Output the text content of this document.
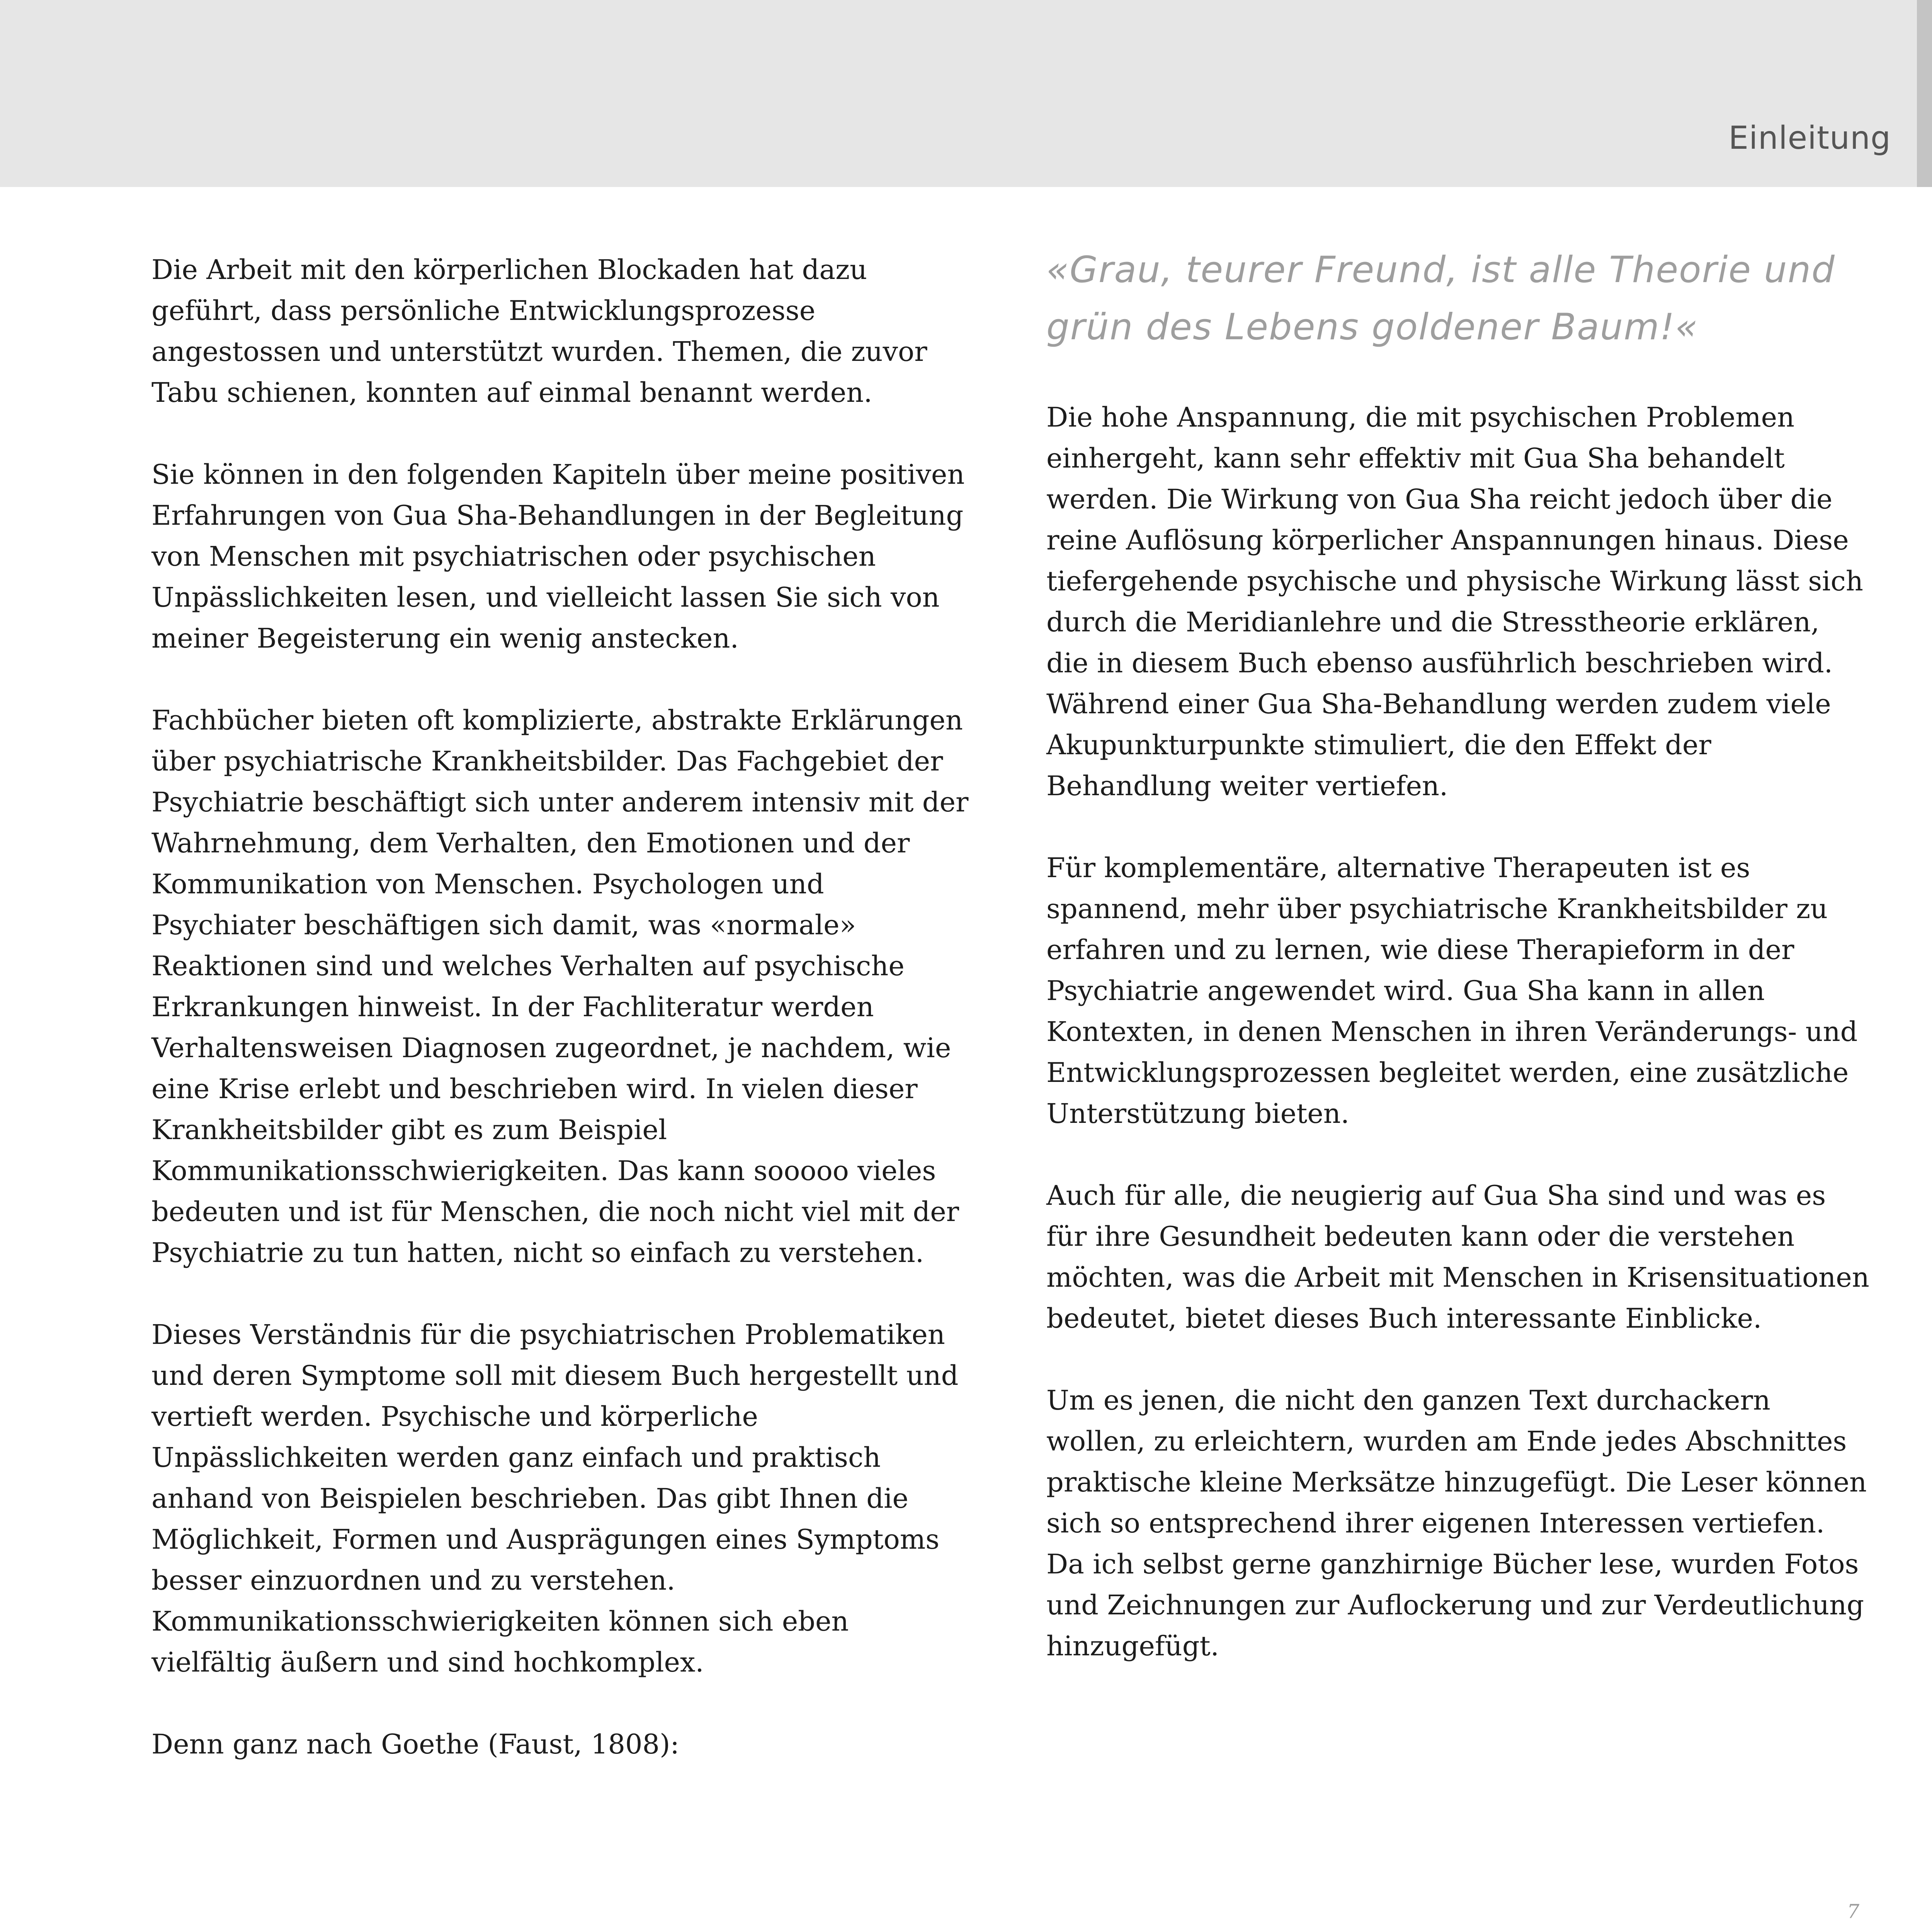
Einleitung

Die Arbeit mit den körperlichen Blockaden hat dazu geführt, dass persönliche Entwicklungsprozesse angestossen und unterstützt wurden. Themen, die zuvor Tabu schienen, konnten auf einmal benannt werden.

Sie können in den folgenden Kapiteln über meine positiven Erfahrungen von Gua Sha-Behandlungen in der Begleitung von Menschen mit psychiatrischen oder psychischen Unpässlichkeiten lesen, und vielleicht lassen Sie sich von meiner Begeisterung ein wenig anstecken.

Fachbücher bieten oft komplizierte, abstrakte Erklärungen über psychiatrische Krankheitsbilder. Das Fachgebiet der Psychiatrie beschäftigt sich unter anderem intensiv mit der Wahrnehmung, dem Verhalten, den Emotionen und der Kommunikation von Menschen. Psychologen und Psychiater beschäftigen sich damit, was «normale» Reaktionen sind und welches Verhalten auf psychische Erkrankungen hinweist. In der Fachliteratur werden Verhaltensweisen Diagnosen zugeordnet, je nachdem, wie eine Krise erlebt und beschrieben wird. In vielen dieser Krankheitsbilder gibt es zum Beispiel Kommunikationsschwierigkeiten. Das kann sooooo vieles bedeuten und ist für Menschen, die noch nicht viel mit der Psychiatrie zu tun hatten, nicht so einfach zu verstehen.

Dieses Verständnis für die psychiatrischen Problematiken und deren Symptome soll mit diesem Buch hergestellt und vertieft werden. Psychische und körperliche Unpässlichkeiten werden ganz einfach und praktisch anhand von Beispielen beschrieben. Das gibt Ihnen die Möglichkeit, Formen und Ausprägungen eines Symptoms besser einzuordnen und zu verstehen. Kommunikationsschwierigkeiten können sich eben vielfältig äußern und sind hochkomplex.

Denn ganz nach Goethe (Faust, 1808):

«Grau, teurer Freund, ist alle Theorie und grün des Lebens goldener Baum!«

Die hohe Anspannung, die mit psychischen Problemen einhergeht, kann sehr effektiv mit Gua Sha behandelt werden. Die Wirkung von Gua Sha reicht jedoch über die reine Auflösung körperlicher Anspannungen hinaus. Diese tiefergehende psychische und physische Wirkung lässt sich durch die Meridianlehre und die Stresstheorie erklären, die in diesem Buch ebenso ausführlich beschrieben wird. Während einer Gua Sha-Behandlung werden zudem viele Akupunkturpunkte stimuliert, die den Effekt der Behandlung weiter vertiefen.

Für komplementäre, alternative Therapeuten ist es spannend, mehr über psychiatrische Krankheitsbilder zu erfahren und zu lernen, wie diese Therapieform in der Psychiatrie angewendet wird. Gua Sha kann in allen Kontexten, in denen Menschen in ihren Veränderungs- und Entwicklungsprozessen begleitet werden, eine zusätzliche Unterstützung bieten.

Auch für alle, die neugierig auf Gua Sha sind und was es für ihre Gesundheit bedeuten kann oder die verstehen möchten, was die Arbeit mit Menschen in Krisensituationen bedeutet, bietet dieses Buch interessante Einblicke.

Um es jenen, die nicht den ganzen Text durchackern wollen, zu erleichtern, wurden am Ende jedes Abschnittes praktische kleine Merksätze hinzugefügt. Die Leser können sich so entsprechend ihrer eigenen Interessen vertiefen. Da ich selbst gerne ganzhirnige Bücher lese, wurden Fotos und Zeichnungen zur Auflockerung und zur Verdeutlichung hinzugefügt.

7
